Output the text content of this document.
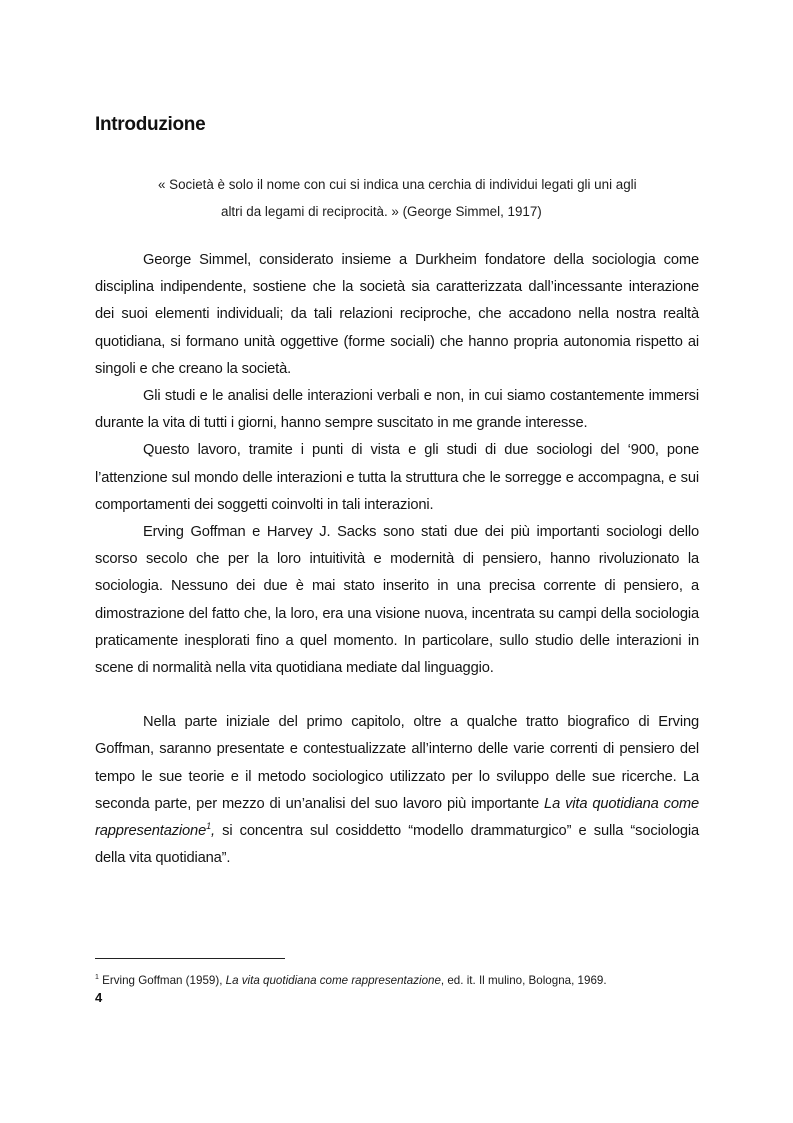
Introduzione
« Società è solo il nome con cui si indica una cerchia di individui legati gli uni agli
altri da legami di reciprocità. » (George Simmel, 1917)

George Simmel, considerato insieme a Durkheim fondatore della sociologia come disciplina indipendente, sostiene che la società sia caratterizzata dall’incessante interazione dei suoi elementi individuali; da tali relazioni reciproche, che accadono nella nostra realtà quotidiana, si formano unità oggettive (forme sociali) che hanno propria autonomia rispetto ai singoli e che creano la società.

Gli studi e le analisi delle interazioni verbali e non, in cui siamo costantemente immersi durante la vita di tutti i giorni, hanno sempre suscitato in me grande interesse.

Questo lavoro, tramite i punti di vista e gli studi di due sociologi del ‘900, pone l’attenzione sul mondo delle interazioni e tutta la struttura che le sorregge e accompagna, e sui comportamenti dei soggetti coinvolti in tali interazioni.

Erving Goffman e Harvey J. Sacks sono stati due dei più importanti sociologi dello scorso secolo che per la loro intuitività e modernità di pensiero, hanno rivoluzionato la sociologia. Nessuno dei due è mai stato inserito in una precisa corrente di pensiero, a dimostrazione del fatto che, la loro, era una visione nuova, incentrata su campi della sociologia praticamente inesplorati fino a quel momento. In particolare, sullo studio delle interazioni in scene di normalità nella vita quotidiana mediate dal linguaggio.

Nella parte iniziale del primo capitolo, oltre a qualche tratto biografico di Erving Goffman, saranno presentate e contestualizzate all’interno delle varie correnti di pensiero del tempo le sue teorie e il metodo sociologico utilizzato per lo sviluppo delle sue ricerche. La seconda parte, per mezzo di un’analisi del suo lavoro più importante La vita quotidiana come rappresentazione$^1$, si concentra sul cosiddetto “modello drammaturgico” e sulla “sociologia della vita quotidiana”.

$^1$ Erving Goffman (1959), La vita quotidiana come rappresentazione, ed. it. Il mulino, Bologna, 1969.
4
